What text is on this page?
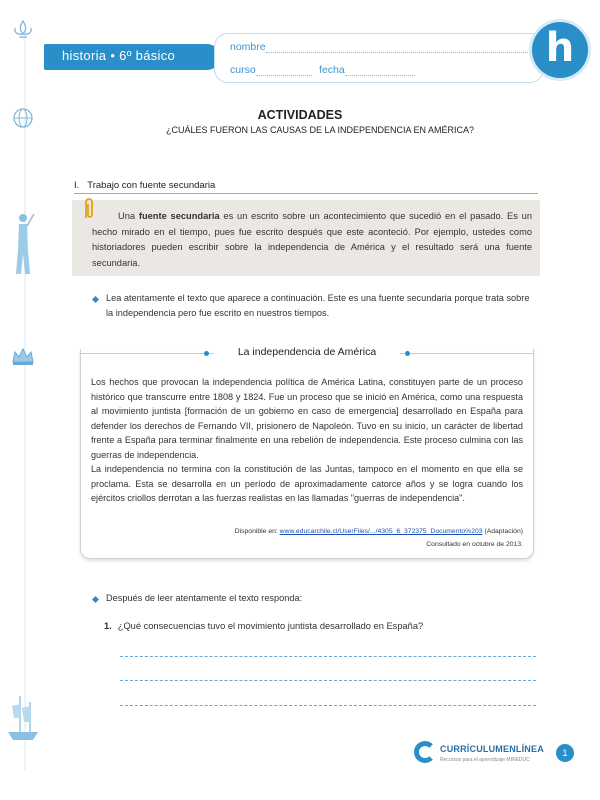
historia • 6º básico
nombre
curso	fecha	h
ACTIVIDADES
¿CUÁLES FUERON LAS CAUSAS DE LA INDEPENDENCIA EN AMÉRICA?
I. Trabajo con fuente secundaria

Una fuente secundaria es un escrito sobre un acontecimiento que sucedió en el pasado. Es un hecho mirado en el tiempo, pues fue escrito después que este aconteció. Por ejemplo, ustedes como historiadores pueden escribir sobre la independencia de América y el resultado será una fuente secundaria.

Lea atentamente el texto que aparece a continuación. Este es una fuente secundaria porque trata sobre la independencia pero fue escrito en nuestros tiempos.

La independencia de América

Los hechos que provocan la independencia política de América Latina, constituyen parte de un proceso histórico que transcurre entre 1808 y 1824. Fue un proceso que se inició en América, como una respuesta al movimiento juntista [formación de un gobierno en caso de emergencia] desarrollado en España para defender los derechos de Fernando VII, prisionero de Napoleón. Tuvo en su inicio, un carácter de libertad frente a España para terminar finalmente en una rebelión de independencia. Este proceso culmina con las guerras de independencia.

La independencia no termina con la constitución de las Juntas, tampoco en el momento en que ella se proclama. Esta se desarrolla en un período de aproximadamente catorce años y se logra cuando los ejércitos criollos derrotan a las fuerzas realistas en las llamadas "guerras de independencia".

Disponible en: www.educarchile.cl/UserFiles/.../4305_6_372375_Documento%203 (Adaptación)
Consultado en octubre de 2013.

Después de leer atentamente el texto responda:

1. ¿Qué consecuencias tuvo el movimiento juntista desarrollado en España?
CURRÍCULUMENLÍNEA
Recursos para el aprendizaje MINEDUC
1
